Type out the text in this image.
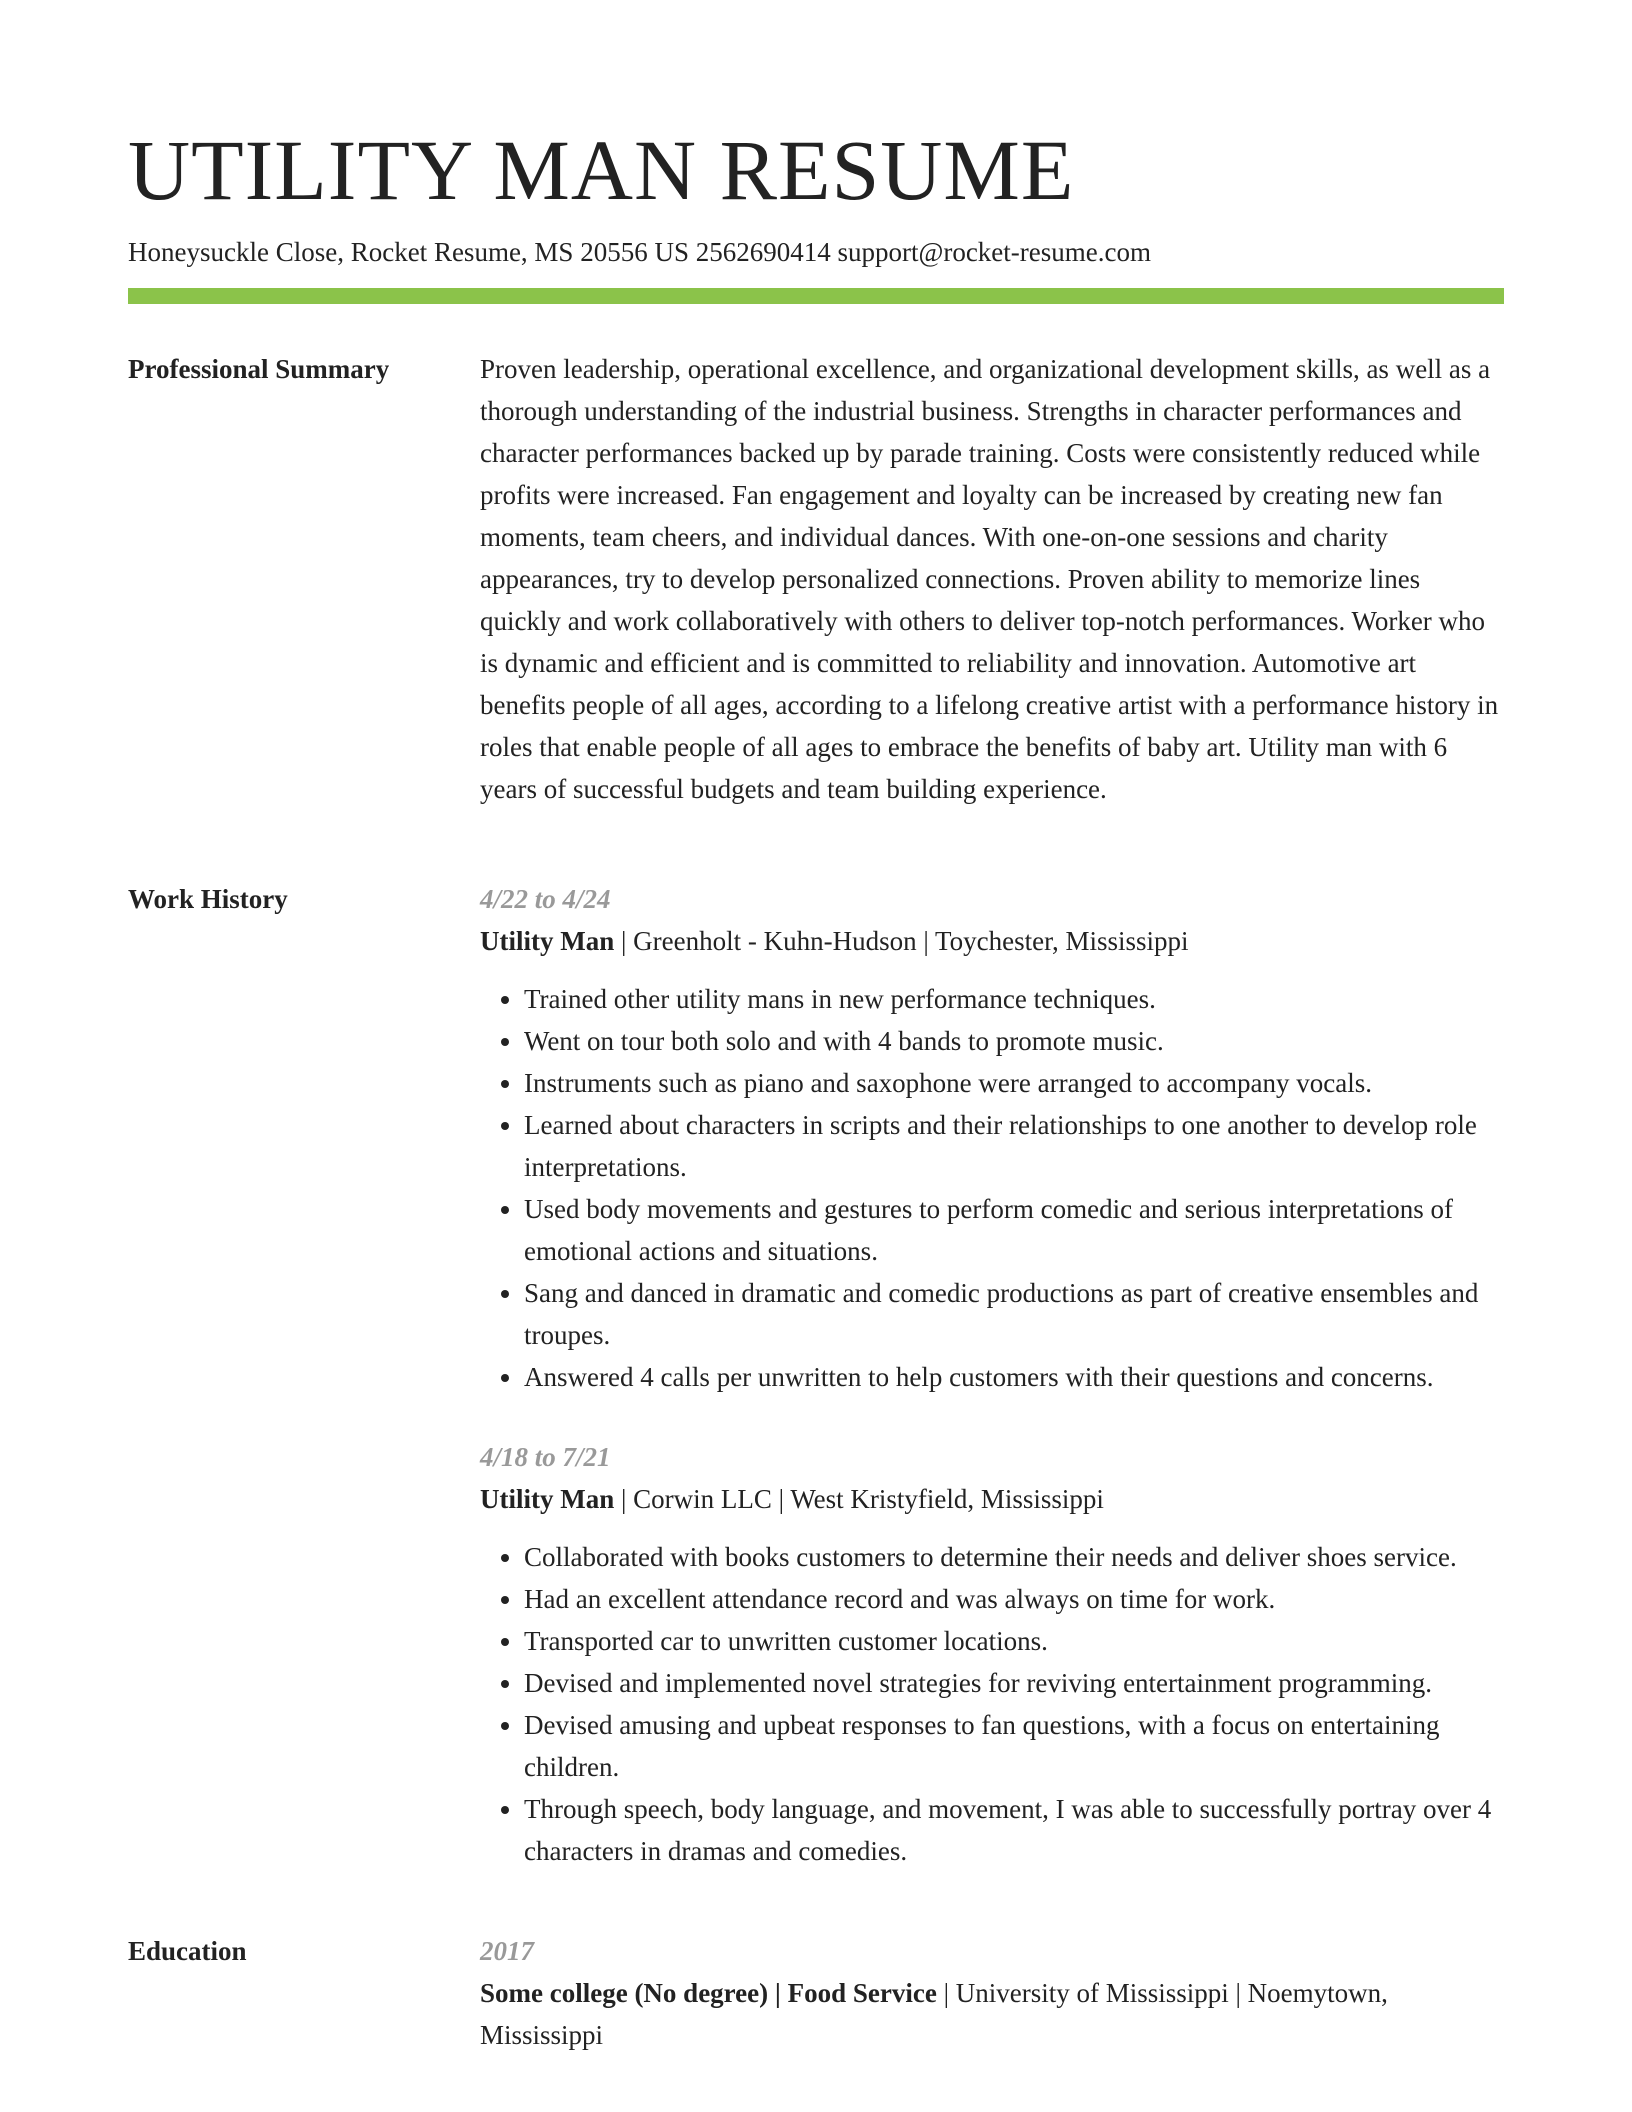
UTILITY MAN RESUME
Honeysuckle Close, Rocket Resume, MS 20556 US 2562690414 support@rocket-resume.com
Professional Summary	Proven leadership, operational excellence, and organizational development skills, as well as a thorough understanding of the industrial business. Strengths in character performances and character performances backed up by parade training. Costs were consistently reduced while profits were increased. Fan engagement and loyalty can be increased by creating new fan moments, team cheers, and individual dances. With one-on-one sessions and charity appearances, try to develop personalized connections. Proven ability to memorize lines quickly and work collaboratively with others to deliver top-notch performances. Worker who is dynamic and efficient and is committed to reliability and innovation. Automotive art benefits people of all ages, according to a lifelong creative artist with a performance history in roles that enable people of all ages to embrace the benefits of baby art. Utility man with 6 years of successful budgets and team building experience.

Work History	4/22 to 4/24
Utility Man | Greenholt - Kuhn-Hudson | Toychester, Mississippi
• Trained other utility mans in new performance techniques.
• Went on tour both solo and with 4 bands to promote music.
• Instruments such as piano and saxophone were arranged to accompany vocals.
• Learned about characters in scripts and their relationships to one another to develop role interpretations.
• Used body movements and gestures to perform comedic and serious interpretations of emotional actions and situations.
• Sang and danced in dramatic and comedic productions as part of creative ensembles and troupes.
• Answered 4 calls per unwritten to help customers with their questions and concerns.
4/18 to 7/21
Utility Man | Corwin LLC | West Kristyfield, Mississippi
• Collaborated with books customers to determine their needs and deliver shoes service.
• Had an excellent attendance record and was always on time for work.
• Transported car to unwritten customer locations.
• Devised and implemented novel strategies for reviving entertainment programming.
• Devised amusing and upbeat responses to fan questions, with a focus on entertaining children.
• Through speech, body language, and movement, I was able to successfully portray over 4 characters in dramas and comedies.
Education	2017
Some college (No degree) | Food Service | University of Mississippi | Noemytown, Mississippi
